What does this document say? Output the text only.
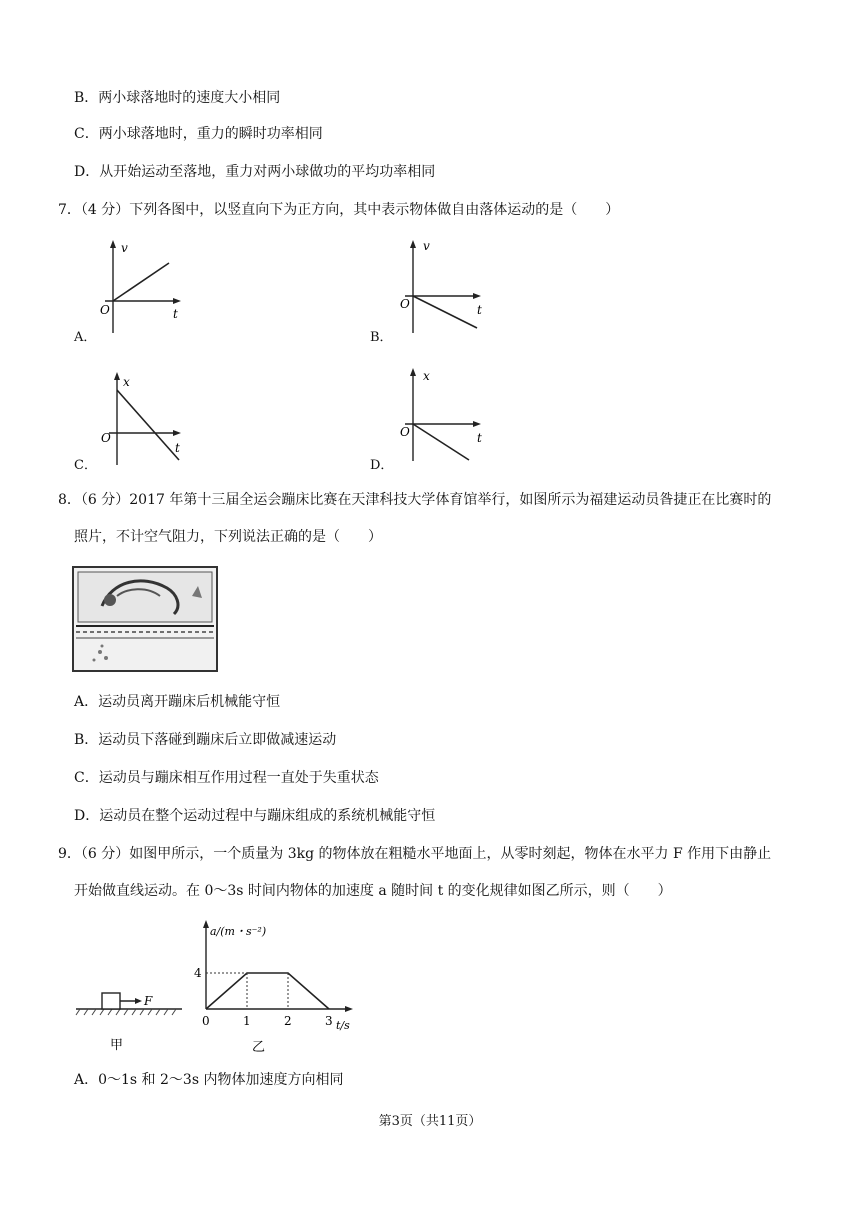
B．两小球落地时的速度大小相同
C．两小球落地时，重力的瞬时功率相同
D．从开始运动至落地，重力对两小球做功的平均功率相同
7．（4 分）下列各图中，以竖直向下为正方向，其中表示物体做自由落体运动的是（　　）
A．
v
O	t
B．
v
O	t
C．
x
O
t
D．
x
O	t
8．（6 分）2017 年第十三届全运会蹦床比赛在天津科技大学体育馆举行，如图所示为福建运动员昝捷正在比赛时的
照片，不计空气阻力，下列说法正确的是（　　）
A．运动员离开蹦床后机械能守恒
B．运动员下落碰到蹦床后立即做减速运动
C．运动员与蹦床相互作用过程一直处于失重状态
D．运动员在整个运动过程中与蹦床组成的系统机械能守恒
9．（6 分）如图甲所示，一个质量为 3kg 的物体放在粗糙水平地面上，从零时刻起，物体在水平力 F 作用下由静止
开始做直线运动。在 0～3s 时间内物体的加速度 a 随时间 t 的变化规律如图乙所示，则（　　）
F
甲
a/(m・s⁻²)
t/s
4
0	1	2	3
乙
A．0～1s 和 2～3s 内物体加速度方向相同
第3页（共11页）
